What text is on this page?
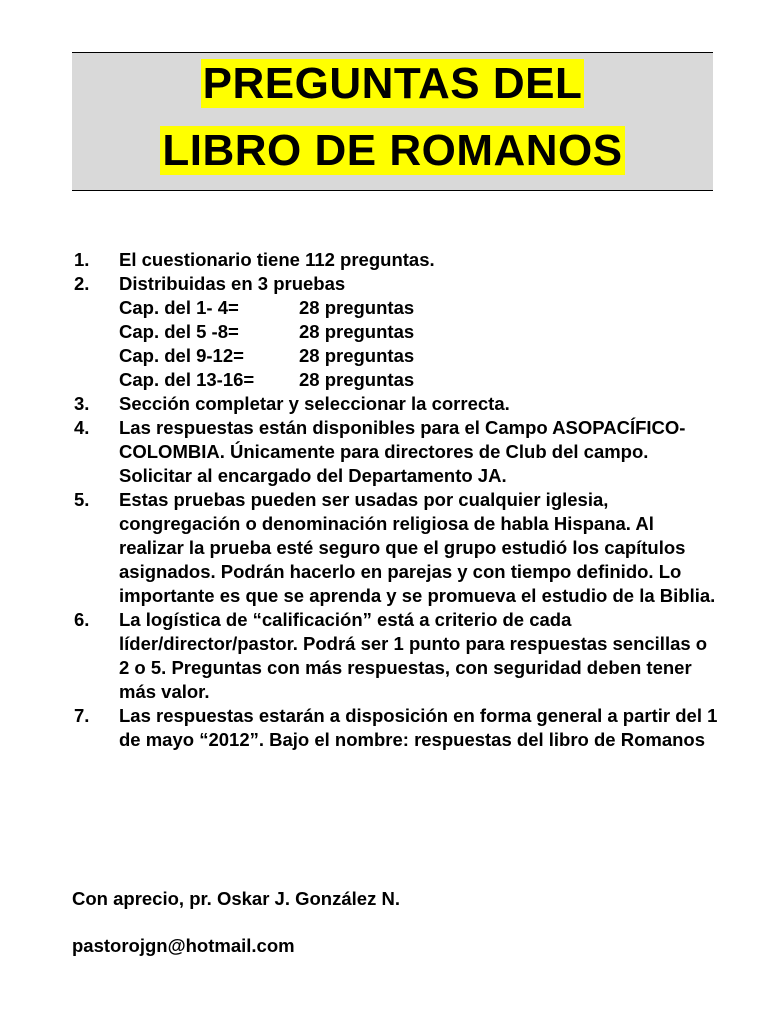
PREGUNTAS DEL
LIBRO DE ROMANOS
1. El cuestionario tiene 112 preguntas.
2. Distribuidas en 3 pruebas
Cap. del 1- 4=	28 preguntas
Cap. del 5 -8=	28 preguntas
Cap. del 9-12=	28 preguntas
Cap. del 13-16=	28 preguntas
3. Sección completar y seleccionar la correcta.
4. Las respuestas están disponibles para el Campo ASOPACÍFICO-COLOMBIA. Únicamente para directores de Club del campo. Solicitar al encargado del Departamento JA.
5. Estas pruebas pueden ser usadas por cualquier iglesia, congregación o denominación religiosa de habla Hispana. Al realizar la prueba esté seguro que el grupo estudió los capítulos asignados. Podrán hacerlo en parejas y con tiempo definido. Lo importante es que se aprenda y se promueva el estudio de la Biblia.
6. La logística de “calificación” está a criterio de cada líder/director/pastor. Podrá ser 1 punto para respuestas sencillas o 2 o 5. Preguntas con más respuestas, con seguridad deben tener más valor.
7. Las respuestas estarán a disposición en forma general a partir del 1 de mayo “2012”. Bajo el nombre: respuestas del libro de Romanos
Con aprecio, pr. Oskar J. González N.
pastorojgn@hotmail.com
